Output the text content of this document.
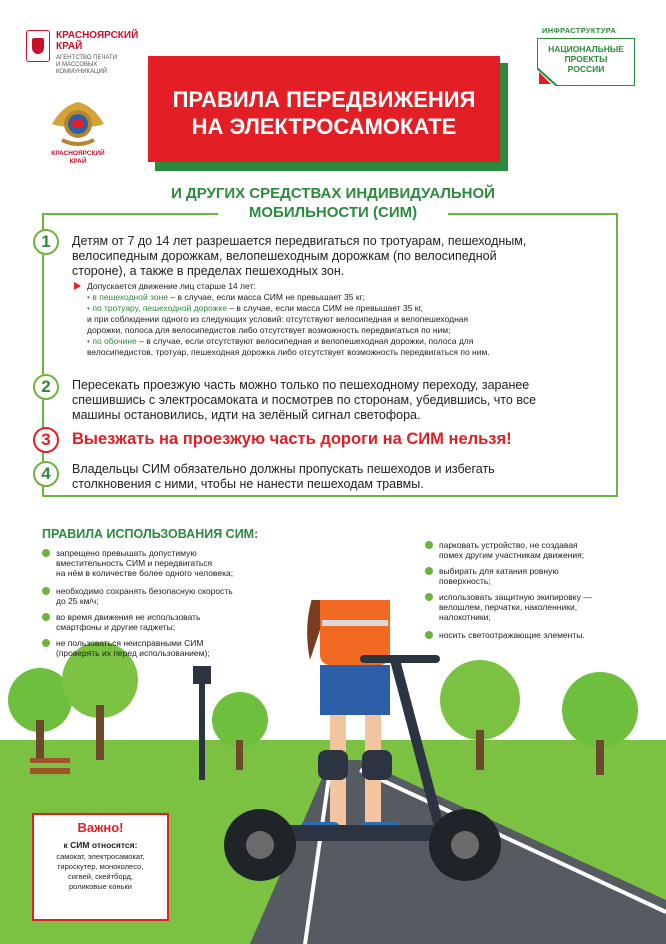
КРАСНОЯРСКИЙ
КРАЙ
АГЕНТСТВО ПЕЧАТИ
И МАССОВЫХ
КОММУНИКАЦИЙ
ИНФРАСТРУКТУРА
НАЦИОНАЛЬНЫЕ
ПРОЕКТЫ
РОССИИ
КРАСНОЯРСКИЙ
КРАЙ
ПРАВИЛА ПЕРЕДВИЖЕНИЯ
НА ЭЛЕКТРОСАМОКАТЕ
И ДРУГИХ СРЕДСТВАХ ИНДИВИДУАЛЬНОЙ
МОБИЛЬНОСТИ (СИМ)
1	Детям от 7 до 14 лет разрешается передвигаться по тротуарам, пешеходным,
велосипедным дорожкам, велопешеходным дорожкам (по велосипедной
стороне), а также в пределах пешеходных зон.
Допускается движение лиц старше 14 лет:
• в пешеходной зоне – в случае, если масса СИМ не превышает 35 кг;
• по тротуару, пешеходной дорожке – в случае, если масса СИМ не превышает 35 кг,
и при соблюдении одного из следующих условий: отсутствуют велосипедная и велопешеходная
дорожки, полоса для велосипедистов либо отсутствует возможность передвигаться по ним;
• по обочине – в случае, если отсутствуют велосипедная и велопешеходная дорожки, полоса для
велосипедистов, тротуар, пешеходная дорожка либо отсутствует возможность передвигаться по ним.
2	Пересекать проезжую часть можно только по пешеходному переходу, заранее
спешившись с электросамоката и посмотрев по сторонам, убедившись, что все
машины остановились, идти на зелёный сигнал светофора.
3	Выезжать на проезжую часть дороги на СИМ нельзя!
4	Владельцы СИМ обязательно должны пропускать пешеходов и избегать
столкновения с ними, чтобы не нанести пешеходам травмы.
ПРАВИЛА ИСПОЛЬЗОВАНИЯ СИМ:
запрещено превышать допустимую
вместительность СИМ и передвигаться
на нём в количестве более одного человека;
необходимо сохранять безопасную скорость
до 25 км/ч;
во время движения не использовать
смартфоны и другие гаджеты;
не пользоваться неисправными СИМ
(проверять их перед использованием);
парковать устройство, не создавая
помех другим участникам движения;
выбирать для катания ровную
поверхность;
использовать защитную экипировку —
велошлем, перчатки, наколенники,
налокотники;
носить светоотражающие элементы.
Важно!
к СИМ относятся:
самокат, электросамокат,
гироскутер, моноколесо,
сигвей, скейтборд,
роликовые коньки
